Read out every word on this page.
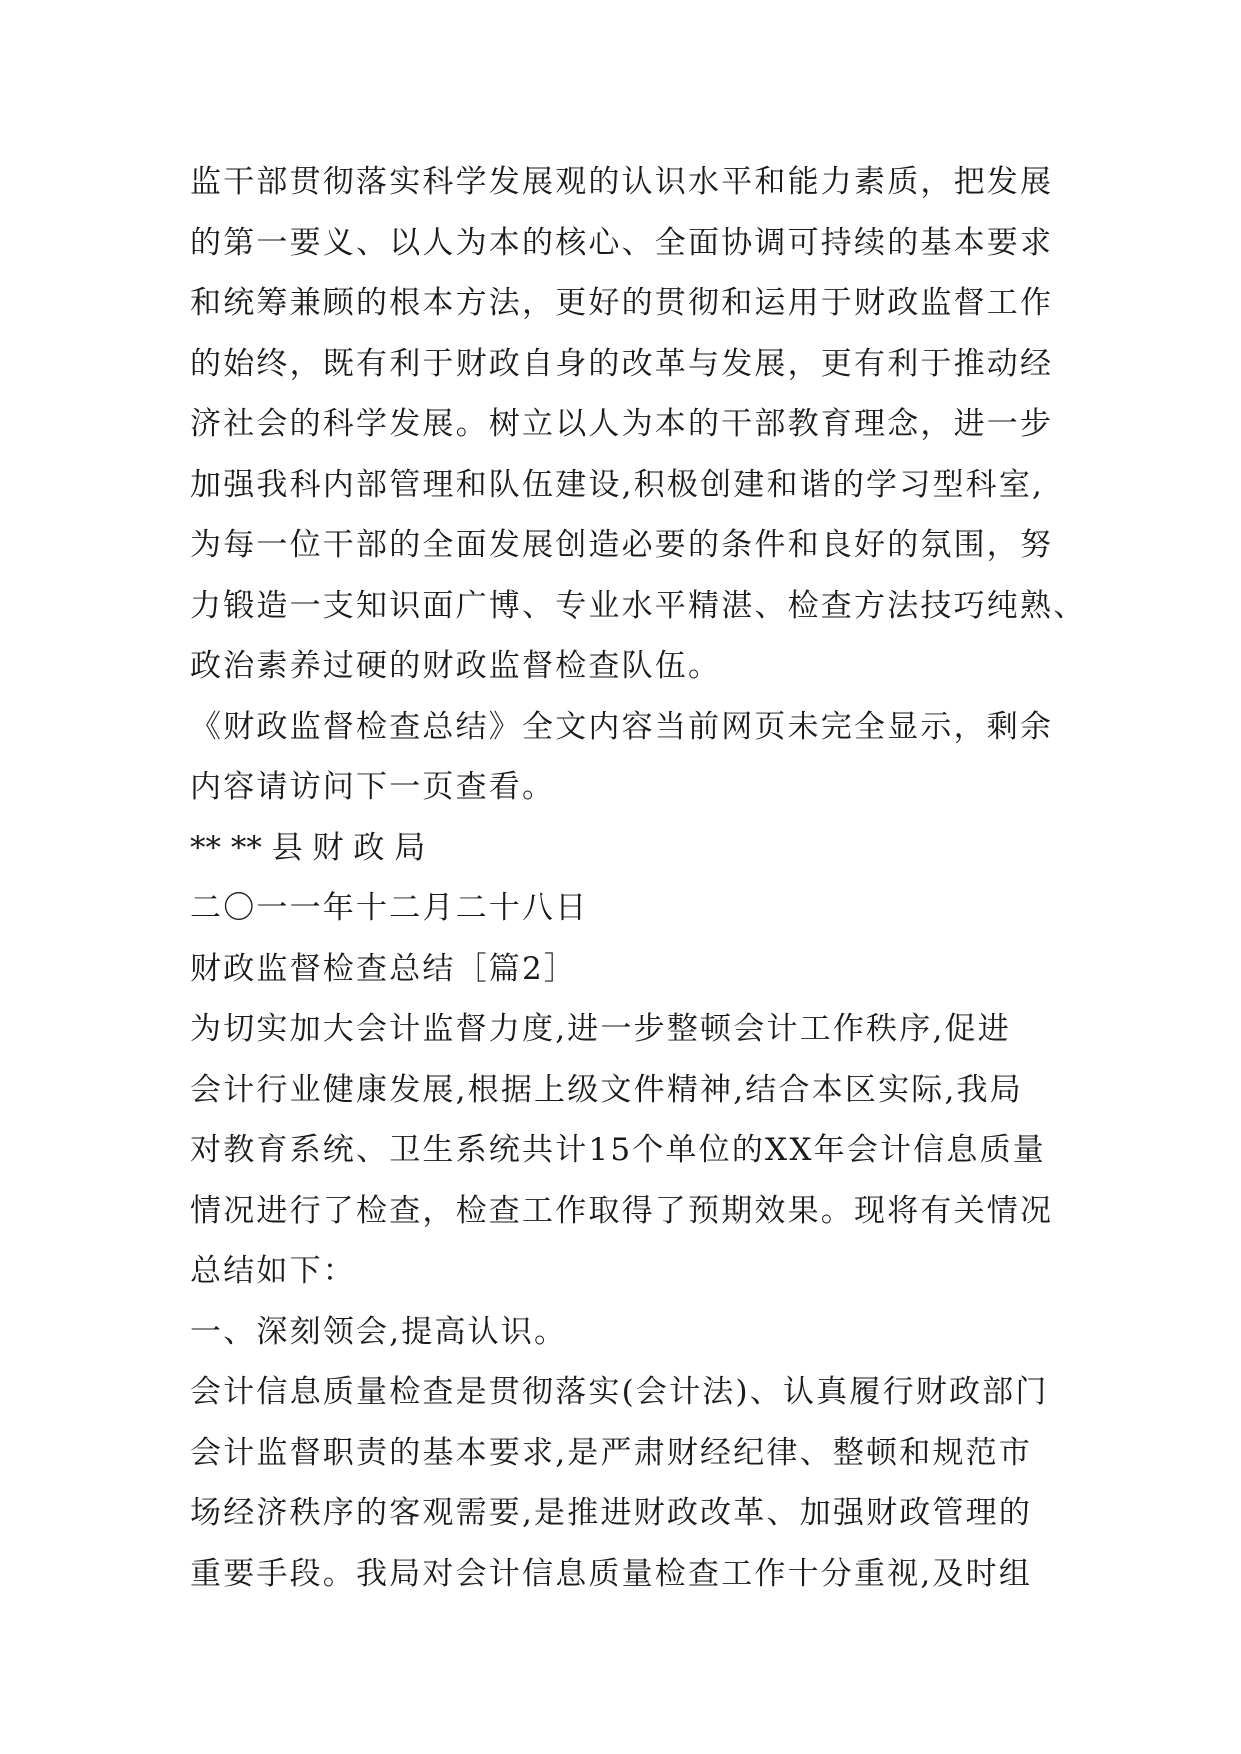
监干部贯彻落实科学发展观的认识水平和能力素质，把发展
的第一要义、以人为本的核心、全面协调可持续的基本要求
和统筹兼顾的根本方法，更好的贯彻和运用于财政监督工作
的始终，既有利于财政自身的改革与发展，更有利于推动经
济社会的科学发展。树立以人为本的干部教育理念，进一步
加强我科内部管理和队伍建设,积极创建和谐的学习型科室,
为每一位干部的全面发展创造必要的条件和良好的氛围，努
力锻造一支知识面广博、专业水平精湛、检查方法技巧纯熟、
政治素养过硬的财政监督检查队伍。
《财政监督检查总结》全文内容当前网页未完全显示，剩余
内容请访问下一页查看。
** ** 县 财 政 局
二〇一一年十二月二十八日
财政监督检查总结［篇2］
为切实加大会计监督力度,进一步整顿会计工作秩序,促进
会计行业健康发展,根据上级文件精神,结合本区实际,我局
对教育系统、卫生系统共计15个单位的XX年会计信息质量
情况进行了检查，检查工作取得了预期效果。现将有关情况
总结如下：
一、深刻领会,提高认识。
会计信息质量检查是贯彻落实(会计法)、认真履行财政部门
会计监督职责的基本要求,是严肃财经纪律、整顿和规范市
场经济秩序的客观需要,是推进财政改革、加强财政管理的
重要手段。我局对会计信息质量检查工作十分重视,及时组
